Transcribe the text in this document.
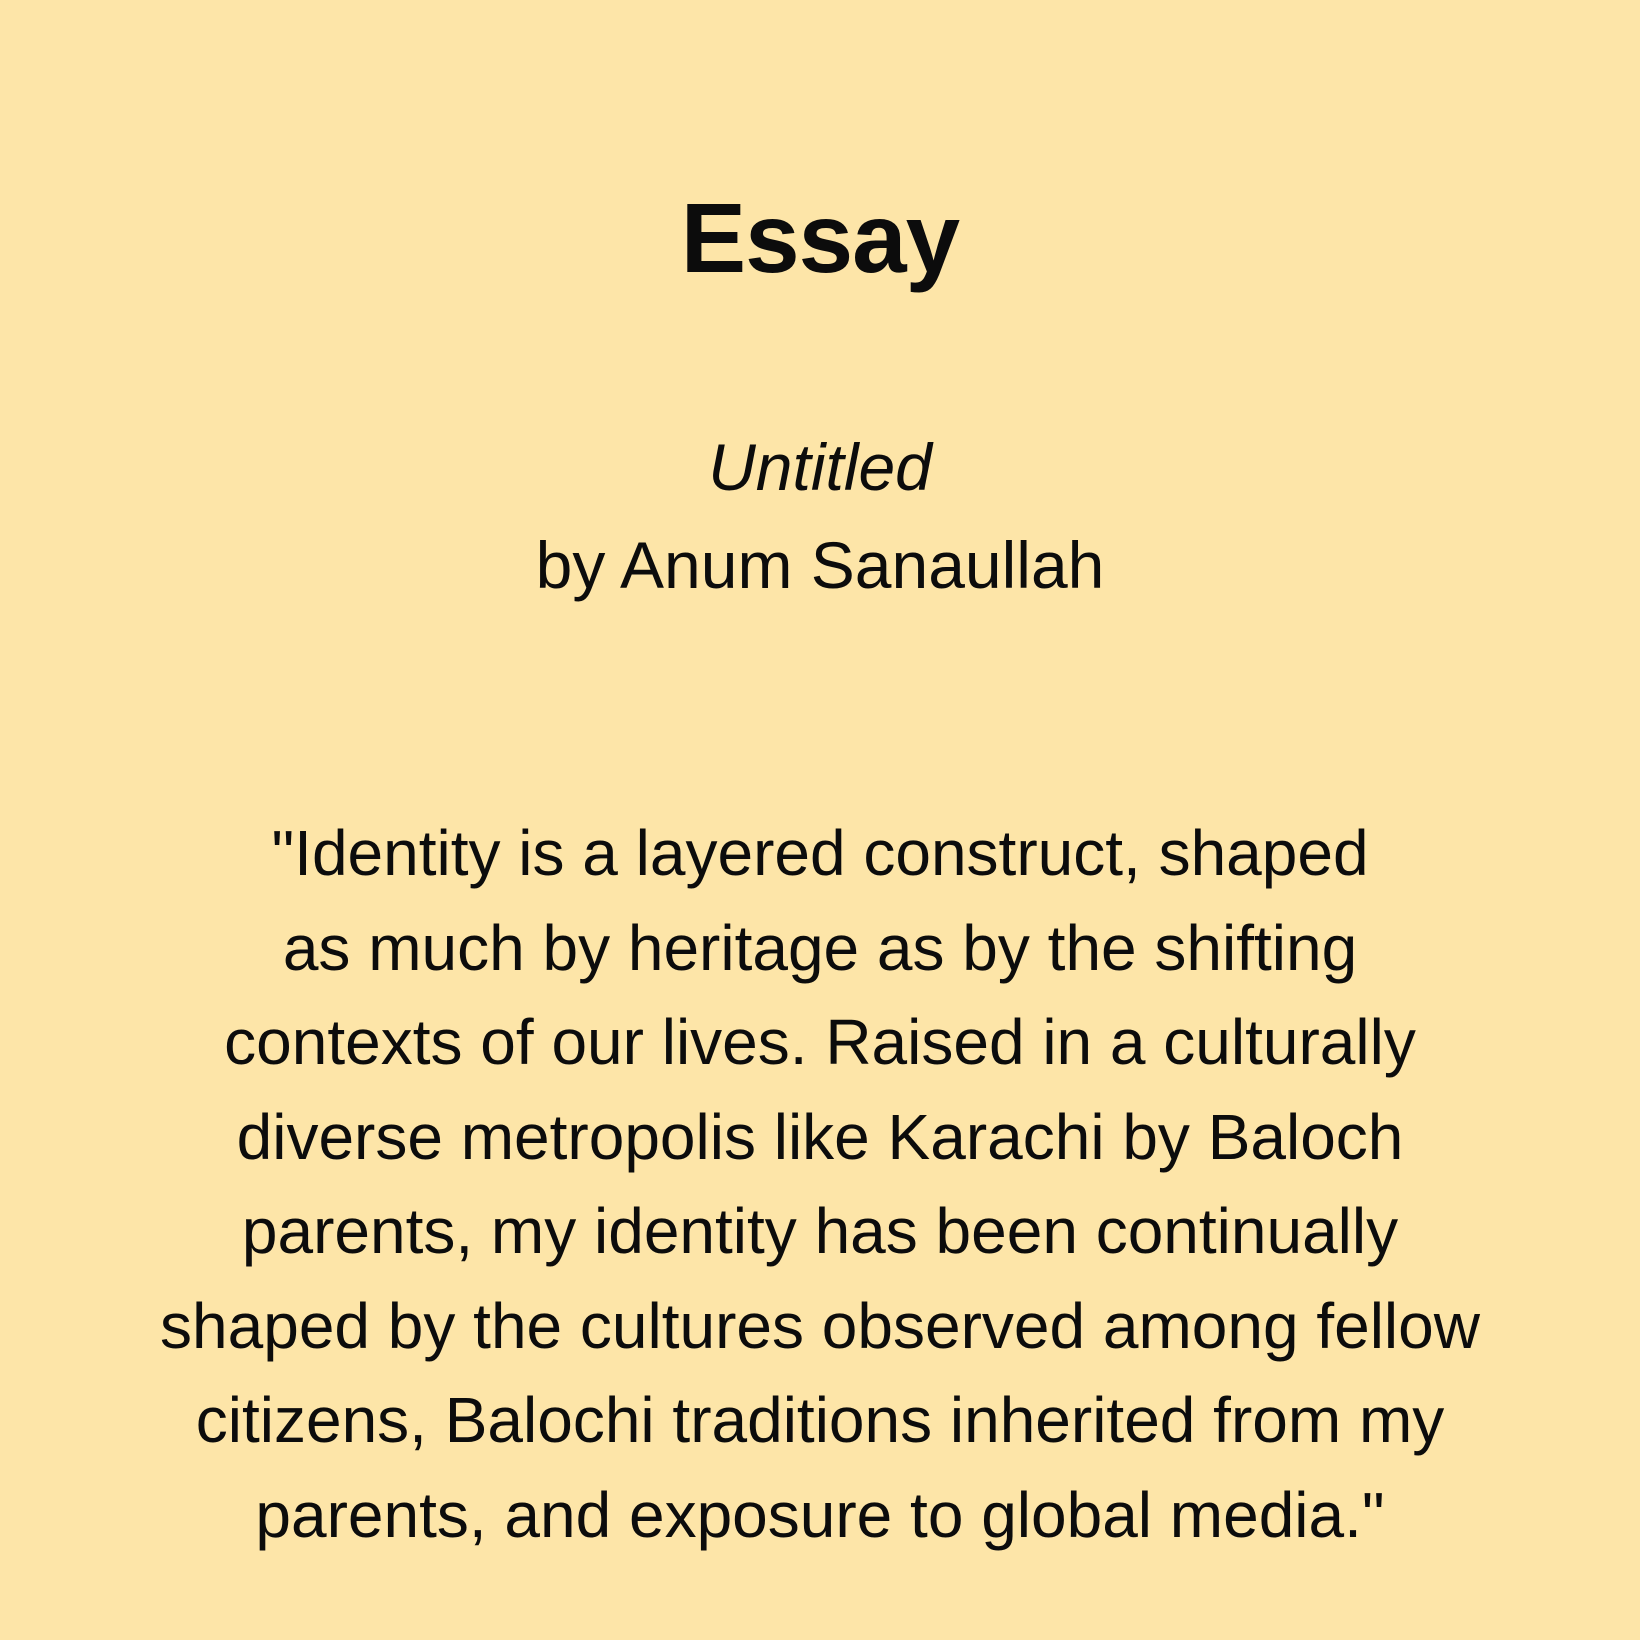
Essay
Untitled
by Anum Sanaullah
"Identity is a layered construct, shaped
as much by heritage as by the shifting
contexts of our lives. Raised in a culturally
diverse metropolis like Karachi by Baloch
parents, my identity has been continually
shaped by the cultures observed among fellow
citizens, Balochi traditions inherited from my
parents, and exposure to global media."
